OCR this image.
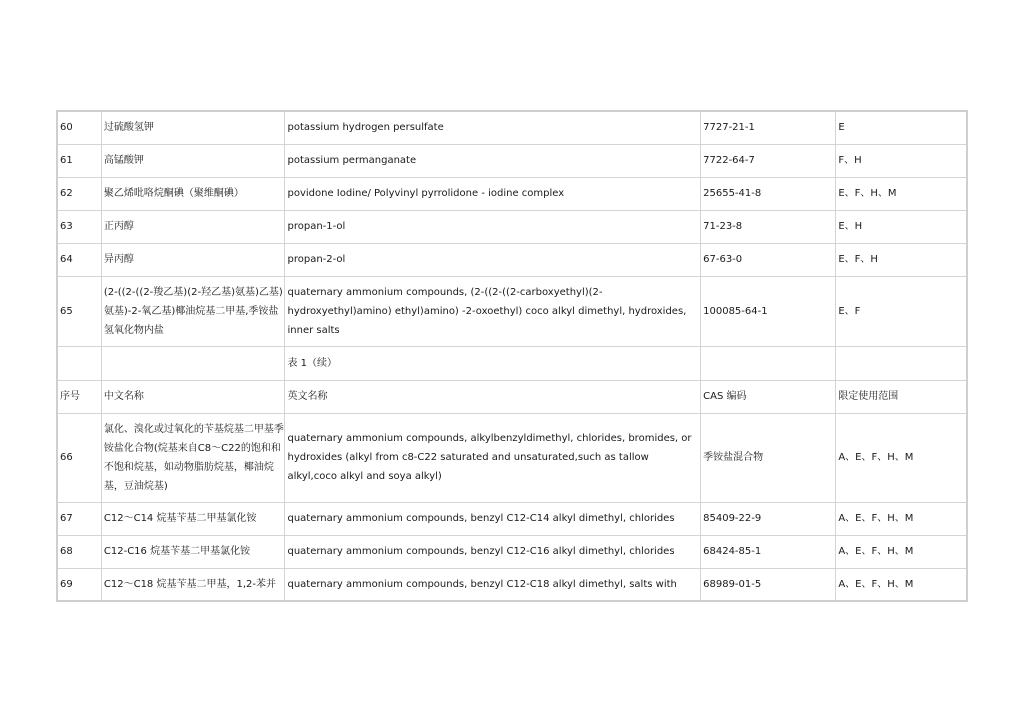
60	过硫酸氢钾	potassium hydrogen persulfate	7727-21-1	E
61	高锰酸钾	potassium permanganate	7722-64-7	F、H
62	聚乙烯吡咯烷酮碘（聚维酮碘）	povidone Iodine/ Polyvinyl pyrrolidone - iodine complex	25655-41-8	E、F、H、M
63	正丙醇	propan-1-ol	71-23-8	E、H
64	异丙醇	propan-2-ol	67-63-0	E、F、H
65	(2-((2-((2-羧乙基)(2-羟乙基)氨基)乙基)氨基)-2-氧乙基)椰油烷基二甲基,季铵盐氢氧化物内盐	quaternary ammonium compounds, (2-((2-((2-carboxyethyl)(2-hydroxyethyl)amino) ethyl)amino) -2-oxoethyl) coco alkyl dimethyl, hydroxides, inner salts	100085-64-1	E、F
		表 1（续）		
序号	中文名称	英文名称	CAS 编码	限定使用范围
66	氯化、溴化或过氧化的苄基烷基二甲基季铵盐化合物(烷基来自C8～C22的饱和和不饱和烷基，如动物脂肪烷基，椰油烷基，豆油烷基)	quaternary ammonium compounds, alkylbenzyldimethyl, chlorides, bromides, or hydroxides (alkyl from c8-C22 saturated and unsaturated,such as tallow alkyl,coco alkyl and soya alkyl)	季铵盐混合物	A、E、F、H、M
67	C12～C14 烷基苄基二甲基氯化铵	quaternary ammonium compounds, benzyl C12-C14 alkyl dimethyl, chlorides	85409-22-9	A、E、F、H、M
68	C12-C16 烷基苄基二甲基氯化铵	quaternary ammonium compounds, benzyl C12-C16 alkyl dimethyl, chlorides	68424-85-1	A、E、F、H、M
69	C12～C18 烷基苄基二甲基，1,2-苯并	quaternary ammonium compounds, benzyl C12-C18 alkyl dimethyl, salts with	68989-01-5	A、E、F、H、M
